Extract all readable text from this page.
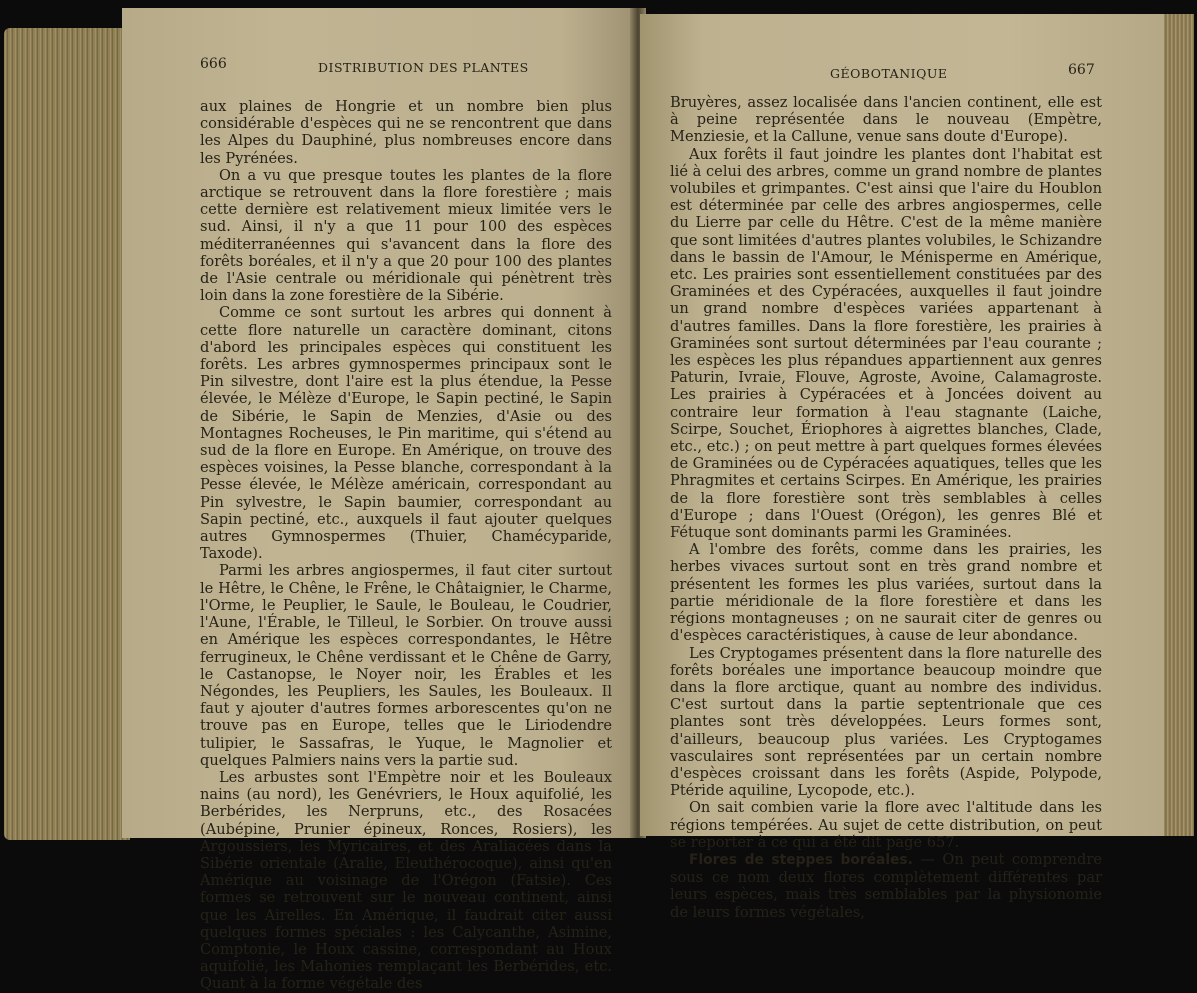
666	DISTRIBUTION DES PLANTES

aux plaines de Hongrie et un nombre bien plus considérable d'espèces qui ne se rencontrent que dans les Alpes du Dauphiné, plus nombreuses encore dans les Pyrénées.

On a vu que presque toutes les plantes de la flore arctique se retrouvent dans la flore forestière ; mais cette dernière est relativement mieux limitée vers le sud. Ainsi, il n'y a que 11 pour 100 des espèces méditerranéennes qui s'avancent dans la flore des forêts boréales, et il n'y a que 20 pour 100 des plantes de l'Asie centrale ou méridionale qui pénètrent très loin dans la zone forestière de la Sibérie.

Comme ce sont surtout les arbres qui donnent à cette flore naturelle un caractère dominant, citons d'abord les principales espèces qui constituent les forêts. Les arbres gymnospermes principaux sont le Pin silvestre, dont l'aire est la plus étendue, la Pesse élevée, le Mélèze d'Europe, le Sapin pectiné, le Sapin de Sibérie, le Sapin de Menzies, d'Asie ou des Montagnes Rocheuses, le Pin maritime, qui s'étend au sud de la flore en Europe. En Amérique, on trouve des espèces voisines, la Pesse blanche, correspondant à la Pesse élevée, le Mélèze américain, correspondant au Pin sylvestre, le Sapin baumier, correspondant au Sapin pectiné, etc., auxquels il faut ajouter quelques autres Gymnospermes (Thuier, Chamécyparide, Taxode).

Parmi les arbres angiospermes, il faut citer surtout le Hêtre, le Chêne, le Frêne, le Châtaignier, le Charme, l'Orme, le Peuplier, le Saule, le Bouleau, le Coudrier, l'Aune, l'Érable, le Tilleul, le Sorbier. On trouve aussi en Amérique les espèces correspondantes, le Hêtre ferrugineux, le Chêne verdissant et le Chêne de Garry, le Castanopse, le Noyer noir, les Érables et les Négondes, les Peupliers, les Saules, les Bouleaux. Il faut y ajouter d'autres formes arborescentes qu'on ne trouve pas en Europe, telles que le Liriodendre tulipier, le Sassafras, le Yuque, le Magnolier et quelques Palmiers nains vers la partie sud.

Les arbustes sont l'Empètre noir et les Bouleaux nains (au nord), les Genévriers, le Houx aquifolié, les Berbérides, les Nerpruns, etc., des Rosacées (Aubépine, Prunier épineux, Ronces, Rosiers), les Argoussiers, les Myricaires, et des Araliacées dans la Sibérie orientale (Aralie, Eleuthérocoque), ainsi qu'en Amérique au voisinage de l'Orégon (Fatsie). Ces formes se retrouvent sur le nouveau continent, ainsi que les Airelles. En Amérique, il faudrait citer aussi quelques formes spéciales : les Calycanthe, Asimine, Comptonie, le Houx cassine, correspondant au Houx aquifolié, les Mahonies remplaçant les Berbérides, etc. Quant à la forme végétale des

GÉOBOTANIQUE	667

Bruyères, assez localisée dans l'ancien continent, elle est à peine représentée dans le nouveau (Empètre, Menziesie, et la Callune, venue sans doute d'Europe).

Aux forêts il faut joindre les plantes dont l'habitat est lié à celui des arbres, comme un grand nombre de plantes volubiles et grimpantes. C'est ainsi que l'aire du Houblon est déterminée par celle des arbres angiospermes, celle du Lierre par celle du Hêtre. C'est de la même manière que sont limitées d'autres plantes volubiles, le Schizandre dans le bassin de l'Amour, le Ménisperme en Amérique, etc. Les prairies sont essentiellement constituées par des Graminées et des Cypéracées, auxquelles il faut joindre un grand nombre d'espèces variées appartenant à d'autres familles. Dans la flore forestière, les prairies à Graminées sont surtout déterminées par l'eau courante ; les espèces les plus répandues appartiennent aux genres Paturin, Ivraie, Flouve, Agroste, Avoine, Calamagroste. Les prairies à Cypéracées et à Joncées doivent au contraire leur formation à l'eau stagnante (Laiche, Scirpe, Souchet, Ériophores à aigrettes blanches, Clade, etc., etc.) ; on peut mettre à part quelques formes élevées de Graminées ou de Cypéracées aquatiques, telles que les Phragmites et certains Scirpes. En Amérique, les prairies de la flore forestière sont très semblables à celles d'Europe ; dans l'Ouest (Orégon), les genres Blé et Fétuque sont dominants parmi les Graminées.

A l'ombre des forêts, comme dans les prairies, les herbes vivaces surtout sont en très grand nombre et présentent les formes les plus variées, surtout dans la partie méridionale de la flore forestière et dans les régions montagneuses ; on ne saurait citer de genres ou d'espèces caractéristiques, à cause de leur abondance.

Les Cryptogames présentent dans la flore naturelle des forêts boréales une importance beaucoup moindre que dans la flore arctique, quant au nombre des individus. C'est surtout dans la partie septentrionale que ces plantes sont très développées. Leurs formes sont, d'ailleurs, beaucoup plus variées. Les Cryptogames vasculaires sont représentées par un certain nombre d'espèces croissant dans les forêts (Aspide, Polypode, Ptéride aquiline, Lycopode, etc.).

On sait combien varie la flore avec l'altitude dans les régions tempérées. Au sujet de cette distribution, on peut se reporter à ce qui a été dit page 657.

Flores de steppes boréales. — On peut comprendre sous ce nom deux flores complètement différentes par leurs espèces, mais très semblables par la physionomie de leurs formes végétales,
